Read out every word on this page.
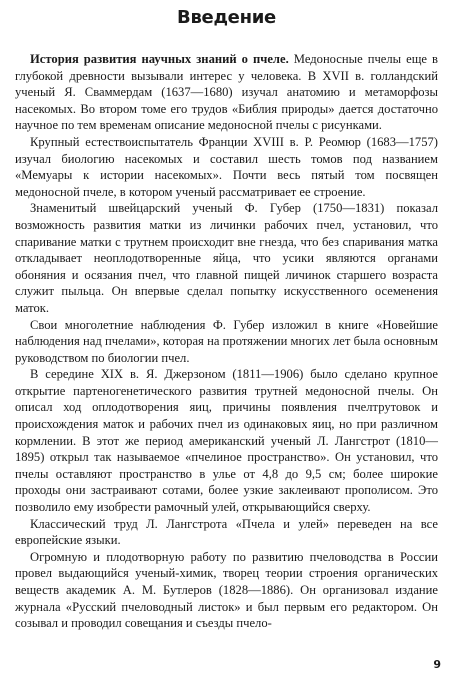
Введение

История развития научных знаний о пчеле. Медоносные пчелы еще в глубокой древности вызывали интерес у человека. В XVII в. голландский ученый Я. Сваммердам (1637—1680) изучал анатомию и метаморфозы насекомых. Во втором томе его трудов «Библия природы» дается достаточно научное по тем временам описание медоносной пчелы с рисунками.

Крупный естествоиспытатель Франции XVIII в. Р. Реомюр (1683—1757) изучал биологию насекомых и составил шесть томов под названием «Мемуары к истории насекомых». Почти весь пятый том посвящен медоносной пчеле, в котором ученый рассматривает ее строение.

Знаменитый швейцарский ученый Ф. Губер (1750—1831) показал возможность развития матки из личинки рабочих пчел, установил, что спаривание матки с трутнем происходит вне гнезда, что без спаривания матка откладывает неоплодотворенные яйца, что усики являются органами обоняния и осязания пчел, что главной пищей личинок старшего возраста служит пыльца. Он впервые сделал попытку искусственного осеменения маток.

Свои многолетние наблюдения Ф. Губер изложил в книге «Новейшие наблюдения над пчелами», которая на протяжении многих лет была основным руководством по биологии пчел.

В середине XIX в. Я. Джерзоном (1811—1906) было сделано крупное открытие партеногенетического развития трутней медоносной пчелы. Он описал ход оплодотворения яиц, причины появления пчелтрутовок и происхождения маток и рабочих пчел из одинаковых яиц, но при различном кормлении. В этот же период американский ученый Л. Лангстрот (1810—1895) открыл так называемое «пчелиное пространство». Он установил, что пчелы оставляют пространство в улье от 4,8 до 9,5 см; более широкие проходы они застраивают сотами, более узкие заклеивают прополисом. Это позволило ему изобрести рамочный улей, открывающийся сверху.

Классический труд Л. Лангстрота «Пчела и улей» переведен на все европейские языки.

Огромную и плодотворную работу по развитию пчеловодства в России провел выдающийся ученый-химик, творец теории строения органических веществ академик А. М. Бутлеров (1828—1886). Он организовал издание журнала «Русский пчеловодный листок» и был первым его редактором. Он созывал и проводил совещания и съезды пчело-

9
